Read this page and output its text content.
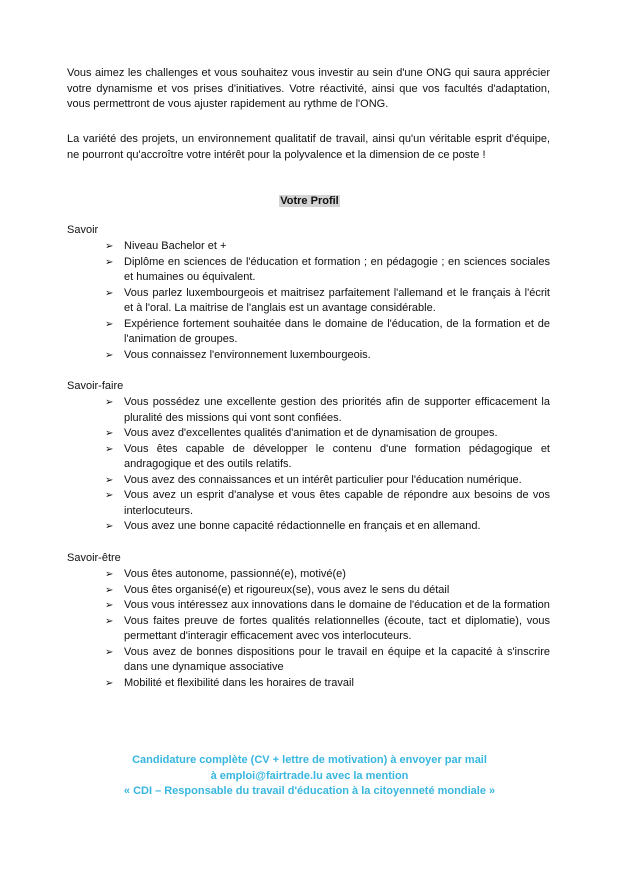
Vous aimez les challenges et vous souhaitez vous investir au sein d'une ONG qui saura apprécier votre dynamisme et vos prises d'initiatives. Votre réactivité, ainsi que vos facultés d'adaptation, vous permettront de vous ajuster rapidement au rythme de l'ONG.

La variété des projets, un environnement qualitatif de travail, ainsi qu'un véritable esprit d'équipe, ne pourront qu'accroître votre intérêt pour la polyvalence et la dimension de ce poste !

Votre Profil

Savoir

➢ Niveau Bachelor et +
➢ Diplôme en sciences de l'éducation et formation ; en pédagogie ; en sciences sociales et humaines ou équivalent.
➢ Vous parlez luxembourgeois et maitrisez parfaitement l'allemand et le français à l'écrit et à l'oral. La maitrise de l'anglais est un avantage considérable.
➢ Expérience fortement souhaitée dans le domaine de l'éducation, de la formation et de l'animation de groupes.
➢ Vous connaissez l'environnement luxembourgeois.

Savoir-faire

➢ Vous possédez une excellente gestion des priorités afin de supporter efficacement la pluralité des missions qui vont sont confiées.
➢ Vous avez d'excellentes qualités d'animation et de dynamisation de groupes.
➢ Vous êtes capable de développer le contenu d'une formation pédagogique et andragogique et des outils relatifs.
➢ Vous avez des connaissances et un intérêt particulier pour l'éducation numérique.
➢ Vous avez un esprit d'analyse et vous êtes capable de répondre aux besoins de vos interlocuteurs.
➢ Vous avez une bonne capacité rédactionnelle en français et en allemand.

Savoir-être

➢ Vous êtes autonome, passionné(e), motivé(e)
➢ Vous êtes organisé(e) et rigoureux(se), vous avez le sens du détail
➢ Vous vous intéressez aux innovations dans le domaine de l'éducation et de la formation
➢ Vous faites preuve de fortes qualités relationnelles (écoute, tact et diplomatie), vous permettant d'interagir efficacement avec vos interlocuteurs.
➢ Vous avez de bonnes dispositions pour le travail en équipe et la capacité à s'inscrire dans une dynamique associative
➢ Mobilité et flexibilité dans les horaires de travail
Candidature complète (CV + lettre de motivation) à envoyer par mail
à emploi@fairtrade.lu avec la mention
« CDI – Responsable du travail d'éducation à la citoyenneté mondiale »
